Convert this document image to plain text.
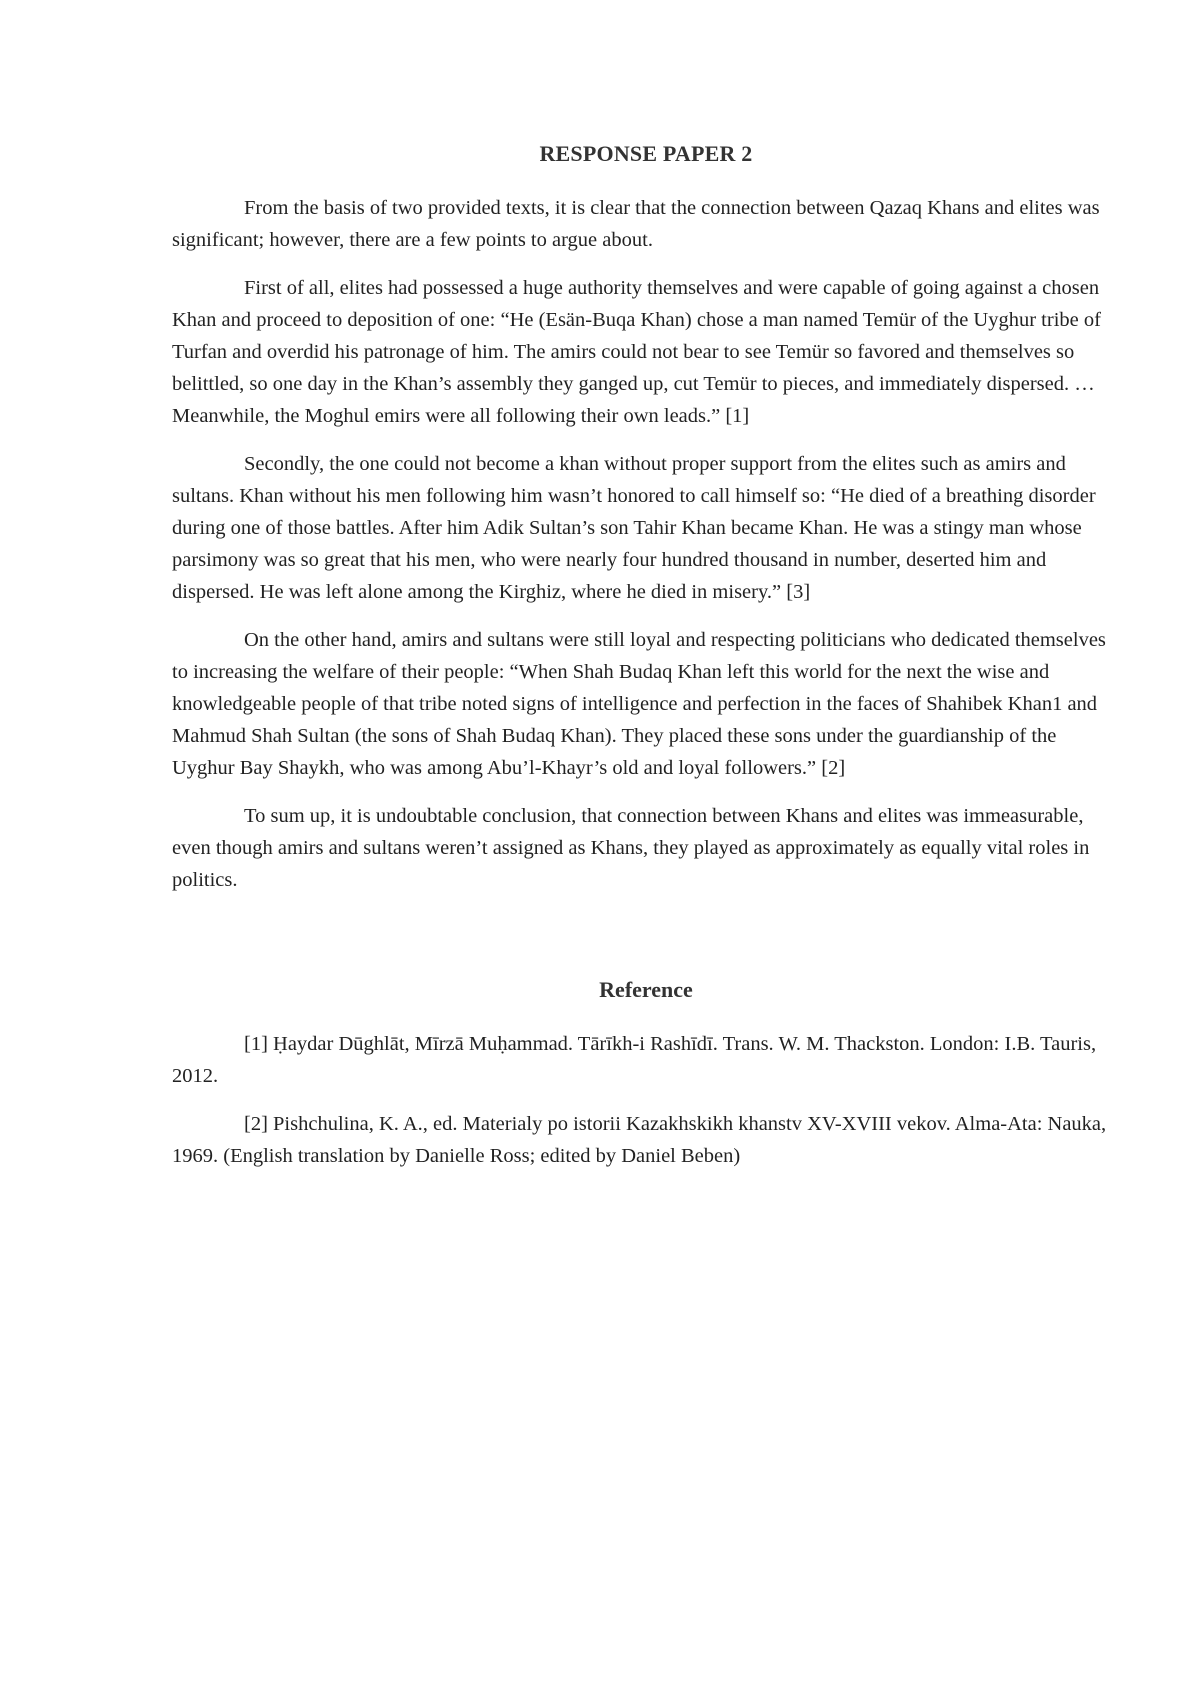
RESPONSE PAPER 2

From the basis of two provided texts, it is clear that the connection between Qazaq Khans and elites was significant; however, there are a few points to argue about.

First of all, elites had possessed a huge authority themselves and were capable of going against a chosen Khan and proceed to deposition of one: “He (Esän-Buqa Khan) chose a man named Temür of the Uyghur tribe of Turfan and overdid his patronage of him. The amirs could not bear to see Temür so favored and themselves so belittled, so one day in the Khan’s assembly they ganged up, cut Temür to pieces, and immediately dispersed. … Meanwhile, the Moghul emirs were all following their own leads.” [1]

Secondly, the one could not become a khan without proper support from the elites such as amirs and sultans. Khan without his men following him wasn’t honored to call himself so: “He died of a breathing disorder during one of those battles. After him Adik Sultan’s son Tahir Khan became Khan. He was a stingy man whose parsimony was so great that his men, who were nearly four hundred thousand in number, deserted him and dispersed. He was left alone among the Kirghiz, where he died in misery.” [3]

On the other hand, amirs and sultans were still loyal and respecting politicians who dedicated themselves to increasing the welfare of their people: “When Shah Budaq Khan left this world for the next the wise and knowledgeable people of that tribe noted signs of intelligence and perfection in the faces of Shahibek Khan1 and Mahmud Shah Sultan (the sons of Shah Budaq Khan). They placed these sons under the guardianship of the Uyghur Bay Shaykh, who was among Abu’l-Khayr’s old and loyal followers.” [2]

To sum up, it is undoubtable conclusion, that connection between Khans and elites was immeasurable, even though amirs and sultans weren’t assigned as Khans, they played as approximately as equally vital roles in politics.

Reference

[1] Ḥaydar Dūghlāt, Mīrzā Muḥammad. Tārīkh-i Rashīdī. Trans. W. M. Thackston. London: I.B. Tauris, 2012.

[2] Pishchulina, K. A., ed. Materialy po istorii Kazakhskikh khanstv XV-XVIII vekov. Alma-Ata: Nauka, 1969. (English translation by Danielle Ross; edited by Daniel Beben)
